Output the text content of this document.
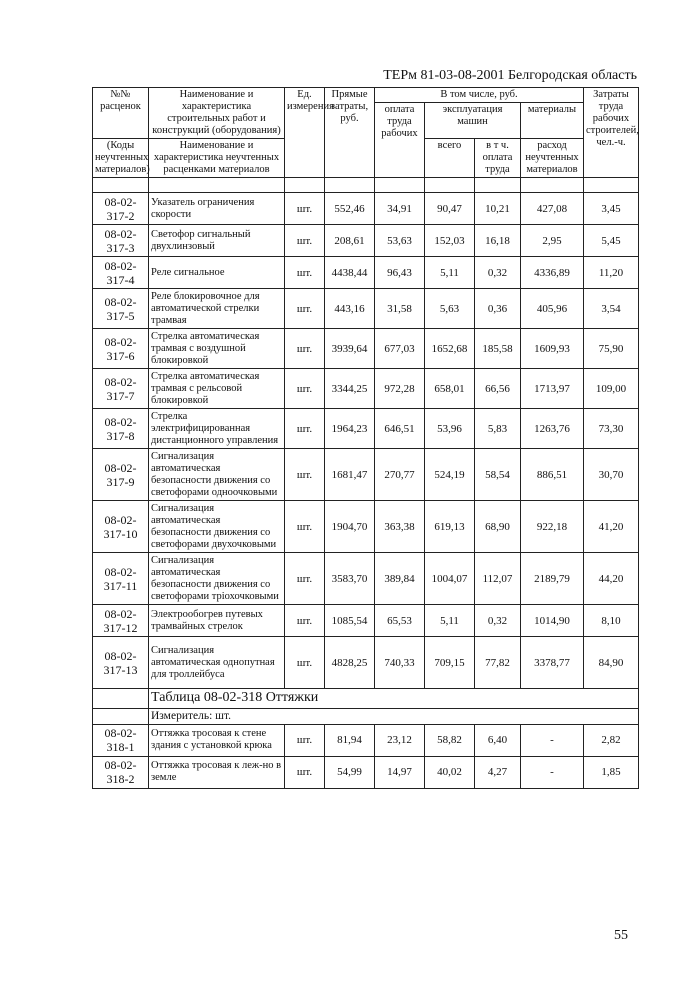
ТЕРм 81-03-08-2001 Белгородская область
№№ расценок	Наименование и характеристика строительных работ и конструкций (оборудования)	Ед. измерения	Прямые затраты, руб.	В том числе, руб.				Затраты труда рабочих строителей, чел.-ч.
				оплата труда рабочих	эксплуатация машин		материалы	
(Коды неучтенных материалов)	Наименование и характеристика неучтенных расценками материалов				всего	в т ч. оплата труда	расход неучтенных материалов	

08-02-317-2	Указатель ограничения скорости	шт.	552,46	34,91	90,47	10,21	427,08	3,45
08-02-317-3	Светофор сигнальный двухлинзовый	шт.	208,61	53,63	152,03	16,18	2,95	5,45
08-02-317-4	Реле сигнальное	шт.	4438,44	96,43	5,11	0,32	4336,89	11,20
08-02-317-5	Реле блокировочное для автоматической стрелки трамвая	шт.	443,16	31,58	5,63	0,36	405,96	3,54
08-02-317-6	Стрелка автоматическая трамвая с воздушной блокировкой	шт.	3939,64	677,03	1652,68	185,58	1609,93	75,90
08-02-317-7	Стрелка автоматическая трамвая с рельсовой блокировкой	шт.	3344,25	972,28	658,01	66,56	1713,97	109,00
08-02-317-8	Стрелка электрифицированная дистанционного управления	шт.	1964,23	646,51	53,96	5,83	1263,76	73,30
08-02-317-9	Сигнализация автоматическая безопасности движения со светофорами одноочковыми	шт.	1681,47	270,77	524,19	58,54	886,51	30,70
08-02-317-10	Сигнализация автоматическая безопасности движения со светофорами двухочковыми	шт.	1904,70	363,38	619,13	68,90	922,18	41,20
08-02-317-11	Сигнализация автоматическая безопасности движения со светофорами трiохочковыми	шт.	3583,70	389,84	1004,07	112,07	2189,79	44,20
08-02-317-12	Электрообогрев путевых трамвайных стрелок	шт.	1085,54	65,53	5,11	0,32	1014,90	8,10
08-02-317-13	Сигнализация автоматическая однопутная для троллейбуса	шт.	4828,25	740,33	709,15	77,82	3378,77	84,90
	Таблица 08-02-318 Оттяжки							
	Измеритель: шт.							
08-02-318-1	Оттяжка тросовая к стене здания с установкой крюка	шт.	81,94	23,12	58,82	6,40	-	2,82
08-02-318-2	Оттяжка тросовая к леж-но в земле	шт.	54,99	14,97	40,02	4,27	-	1,85
55
